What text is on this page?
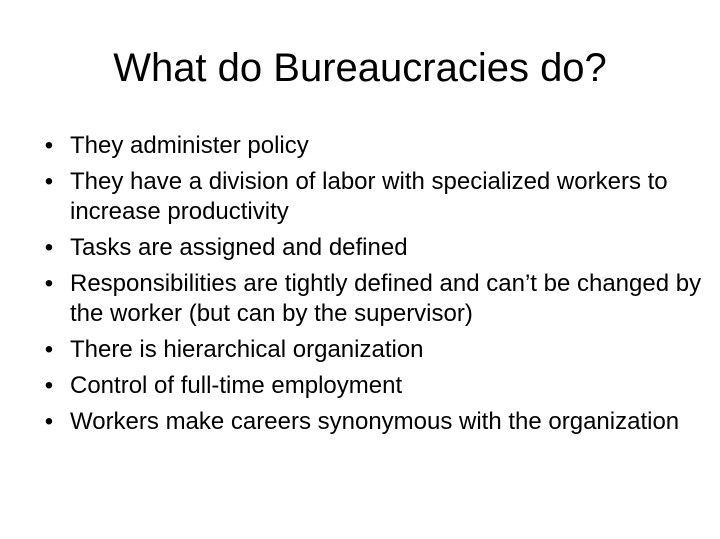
What do Bureaucracies do?
• They administer policy
• They have a division of labor with specialized workers to increase productivity
• Tasks are assigned and defined
• Responsibilities are tightly defined and can’t be changed by the worker (but can by the supervisor)
• There is hierarchical organization
• Control of full-time employment
• Workers make careers synonymous with the organization
